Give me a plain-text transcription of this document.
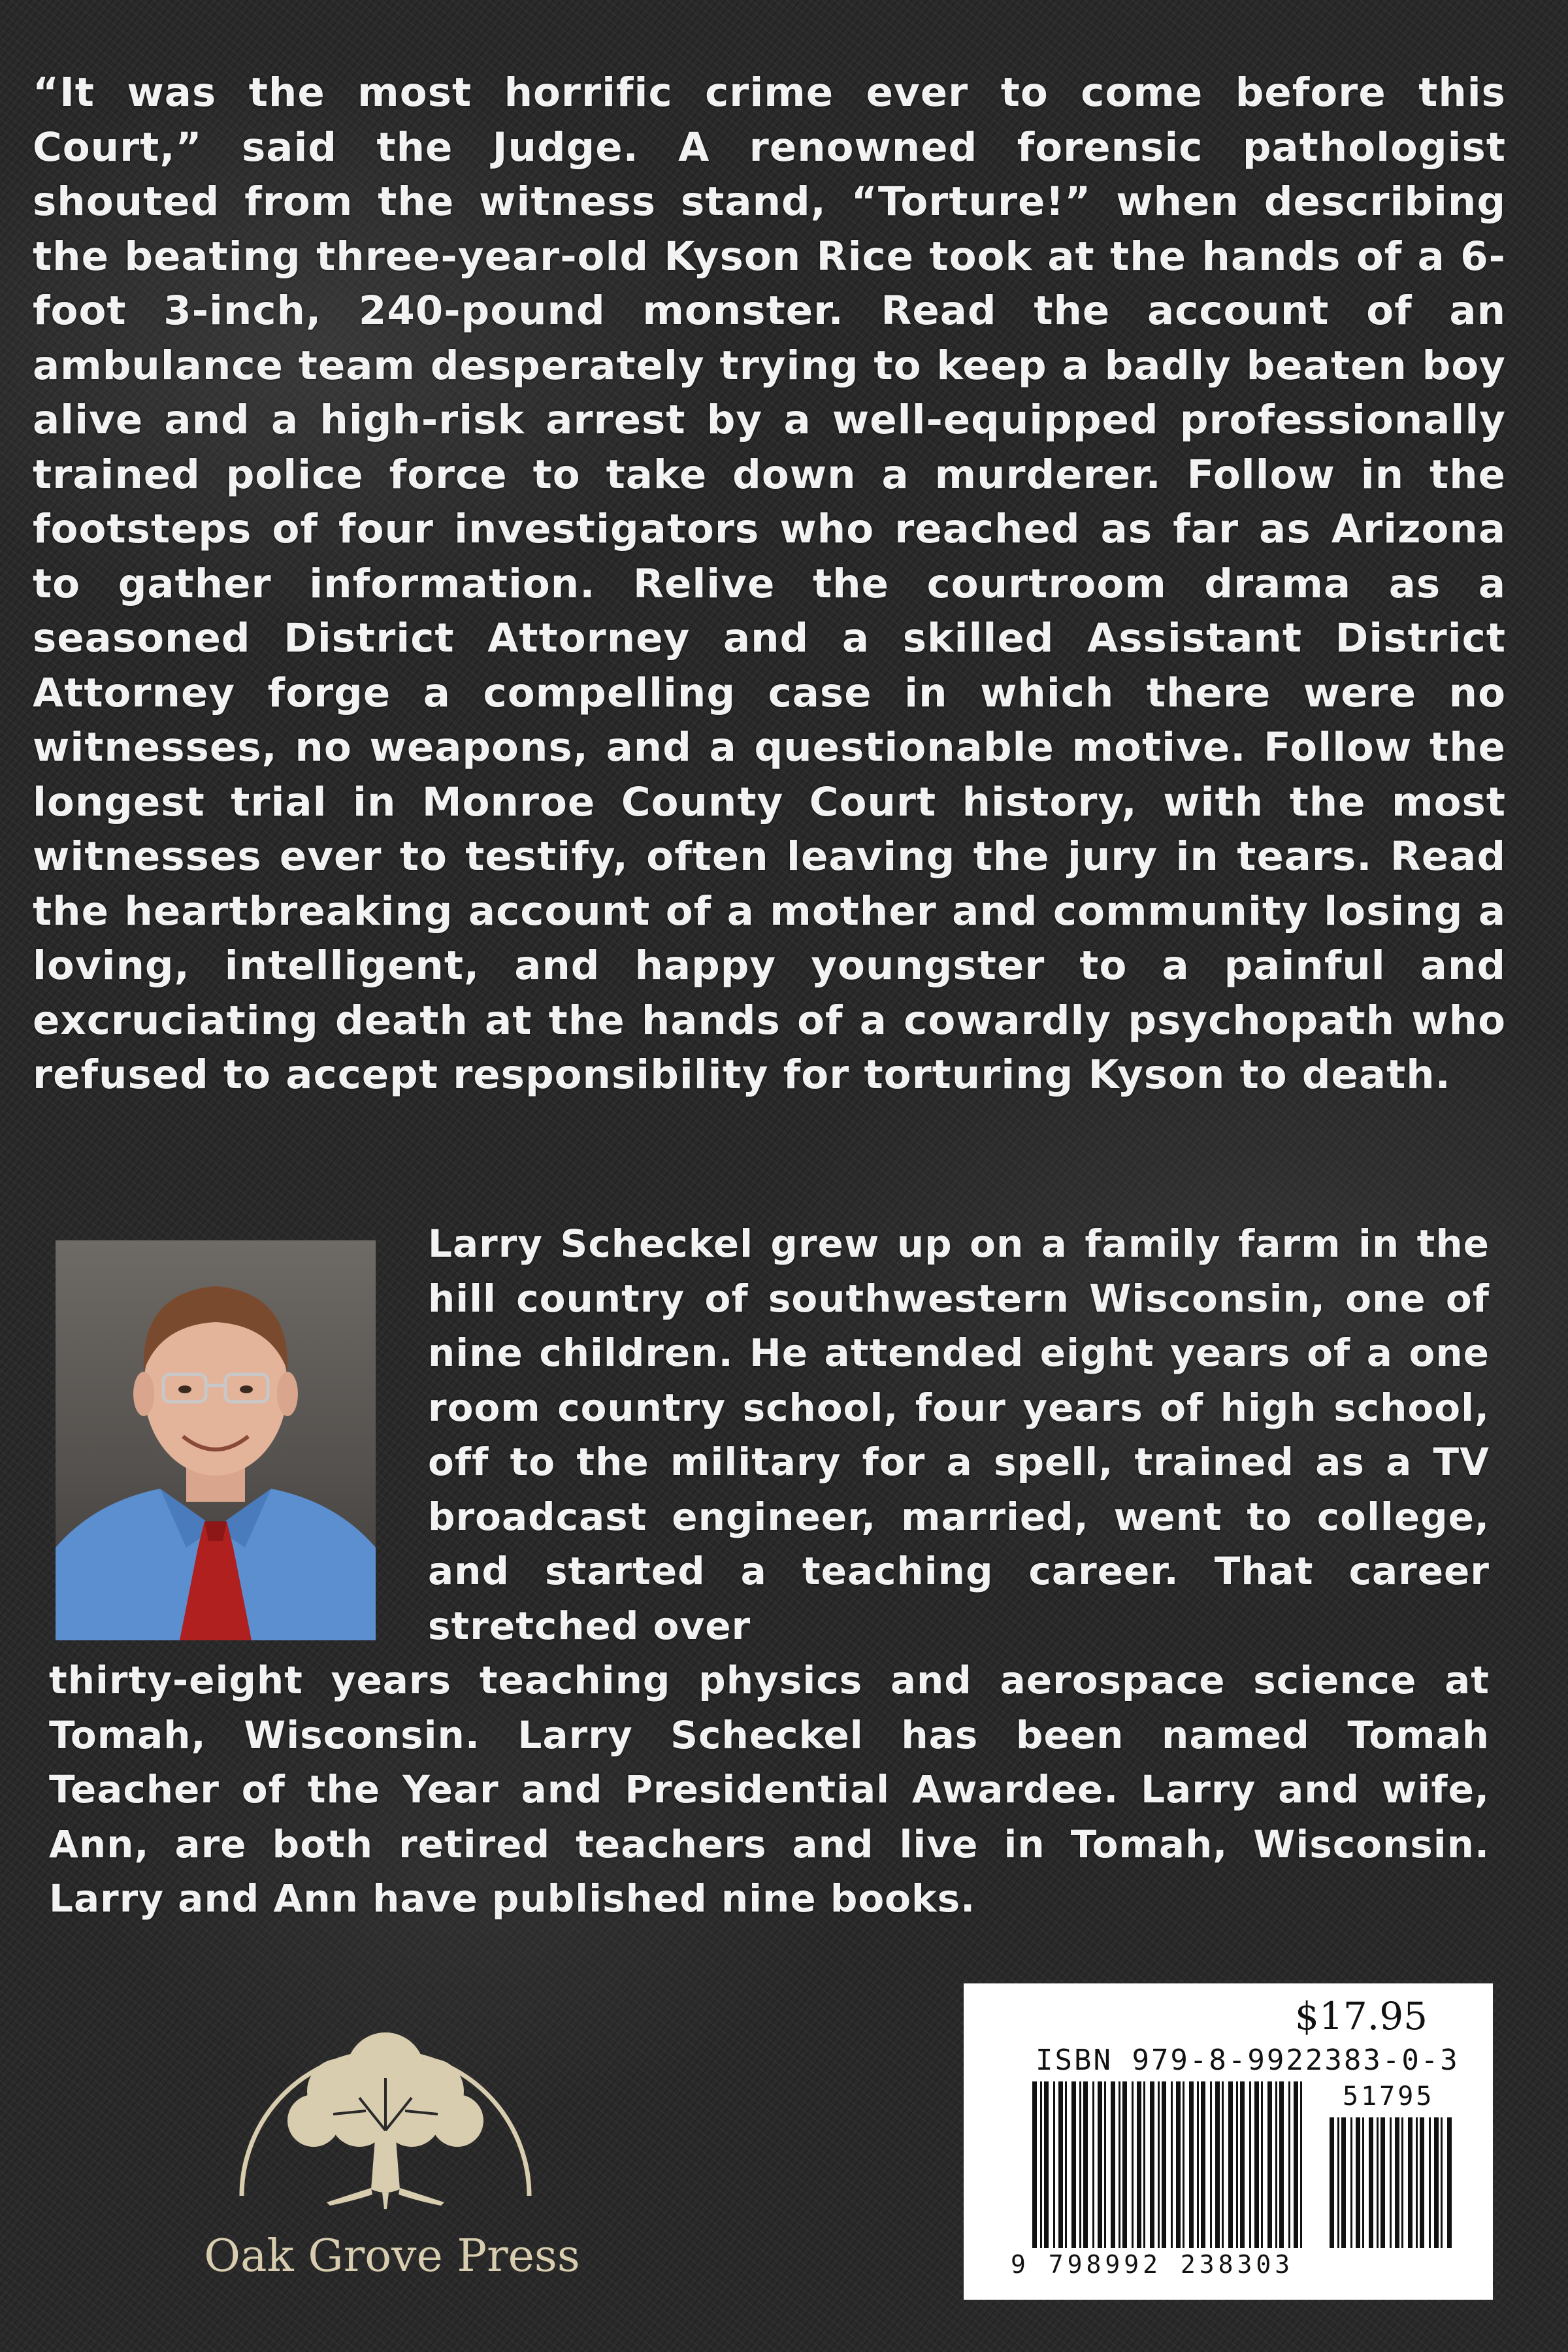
“It was the most horrific crime ever to come before this Court,” said the Judge. A renowned forensic pathologist shouted from the witness stand, “Torture!” when describing the beating three-year-old Kyson Rice took at the hands of a 6-foot 3-inch, 240-pound monster. Read the account of an ambulance team desperately trying to keep a badly beaten boy alive and a high-risk arrest by a well-equipped professionally trained police force to take down a murderer. Follow in the footsteps of four investigators who reached as far as Arizona to gather information. Relive the courtroom drama as a seasoned District Attorney and a skilled Assistant District Attorney forge a compelling case in which there were no witnesses, no weapons, and a questionable motive. Follow the longest trial in Monroe County Court history, with the most witnesses ever to testify, often leaving the jury in tears. Read the heartbreaking account of a mother and community losing a loving, intelligent, and happy youngster to a painful and excruciating death at the hands of a cowardly psychopath who refused to accept responsibility for torturing Kyson to death.

Larry Scheckel grew up on a family farm in the hill country of southwestern Wisconsin, one of nine children. He attended eight years of a one room country school, four years of high school, off to the military for a spell, trained as a TV broadcast engineer, married, went to college, and started a teaching career. That career stretched over

thirty-eight years teaching physics and aerospace science at Tomah, Wisconsin. Larry Scheckel has been named Tomah Teacher of the Year and Presidential Awardee. Larry and wife, Ann, are both retired teachers and live in Tomah, Wisconsin. Larry and Ann have published nine books.

Oak Grove Press

$17.95

ISBN 979-8-9922383-0-3

51795

9 798992 238303
